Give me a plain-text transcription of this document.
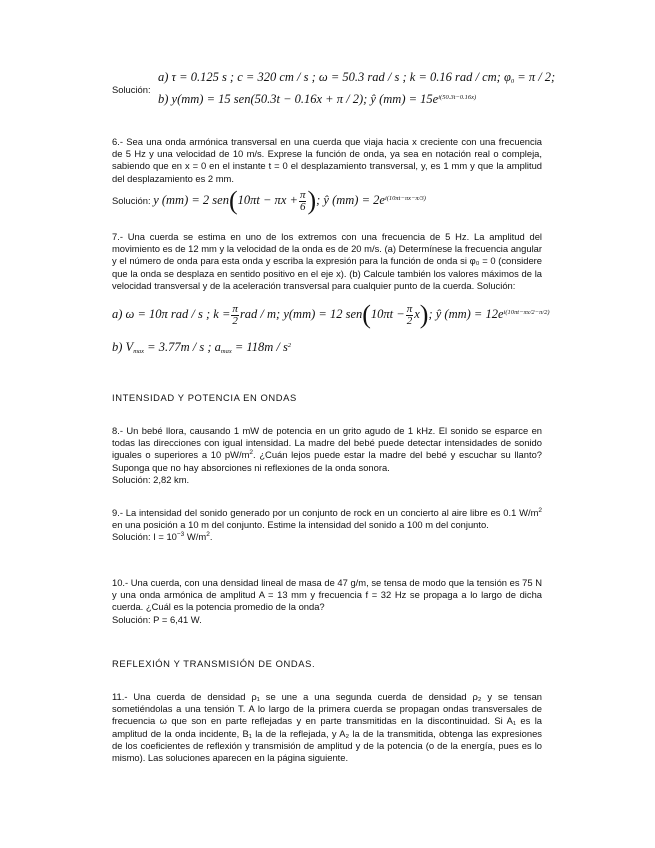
Solución:
a) τ = 0.125 s ; c = 320 cm / s ; ω = 50.3 rad / s ; k = 0.16 rad / cm; $\varphi_0 = \pi / 2$;
b) y(mm) = 15 sen(50.3t − 0.16x + π / 2); ŷ $(mm) = 15e^{i(50.3t-0.16x)}$

6.- Sea una onda armónica transversal en una cuerda que viaja hacia x creciente con una frecuencia de 5 Hz y una velocidad de 10 m/s. Exprese la función de onda, ya sea en notación real o compleja, sabiendo que en x = 0 en el instante t = 0 el desplazamiento transversal, y, es 1 mm y que la amplitud del desplazamiento es 2 mm.

Solución: y (mm) = 2 $sen(10\pi t - \pi x + \frac{\pi}{6}$ ); ŷ $(mm) = 2e^{i(10\pi t-\pi x-\pi/3)}$

7.- Una cuerda se estima en uno de los extremos con una frecuencia de 5 Hz. La amplitud del movimiento es de 12 mm y la velocidad de la onda es de 20 m/s. (a) Determínese la frecuencia angular y el número de onda para esta onda y escriba la expresión para la función de onda si φ₀ = 0 (considere que la onda se desplaza en sentido positivo en el eje x). (b) Calcule también los valores máximos de la velocidad transversal y de la aceleración transversal para cualquier punto de la cuerda. Solución:

a) ω = 10π rad / s ; $k = \frac{\pi}{2}$ rad / m; y(mm) = 12 $sen(10\pi t - \frac{\pi}{2} x)$; ŷ $(mm) = 12e^{i(10\pi t-\pi x/2-\pi/2)}$
b) $V_{max} = 3.77m / s$ ; $a_{max} = 118m / s^2$
INTENSIDAD Y POTENCIA EN ONDAS

8.- Un bebé llora, causando 1 mW de potencia en un grito agudo de 1 kHz. El sonido se esparce en todas las direcciones con igual intensidad. La madre del bebé puede detectar intensidades de sonido iguales o superiores a 10 $pW/m^2$. ¿Cuán lejos puede estar la madre del bebé y escuchar su llanto? Suponga que no hay absorciones ni reflexiones de la onda sonora.

Solución: 2,82 km.

9.- La intensidad del sonido generado por un conjunto de rock en un concierto al aire libre es 0.1 $W/m^2$ en una posición a 10 m del conjunto. Estime la intensidad del sonido a 100 m del conjunto.

Solución: $I = 10^{-3}$ $W/m^2$.

10.- Una cuerda, con una densidad lineal de masa de 47 g/m, se tensa de modo que la tensión es 75 N y una onda armónica de amplitud A = 13 mm y frecuencia f = 32 Hz se propaga a lo largo de dicha cuerda. ¿Cuál es la potencia promedio de la onda?

Solución: P = 6,41 W.

REFLEXIÓN Y TRANSMISIÓN DE ONDAS.

11.- Una cuerda de densidad ρ₁ se une a una segunda cuerda de densidad ρ₂ y se tensan sometiéndolas a una tensión T. A lo largo de la primera cuerda se propagan ondas transversales de frecuencia ω que son en parte reflejadas y en parte transmitidas en la discontinuidad. Si A₁ es la amplitud de la onda incidente, B₁ la de la reflejada, y A₂ la de la transmitida, obtenga las expresiones de los coeficientes de reflexión y transmisión de amplitud y de la potencia (o de la energía, pues es lo mismo). Las soluciones aparecen en la página siguiente.
